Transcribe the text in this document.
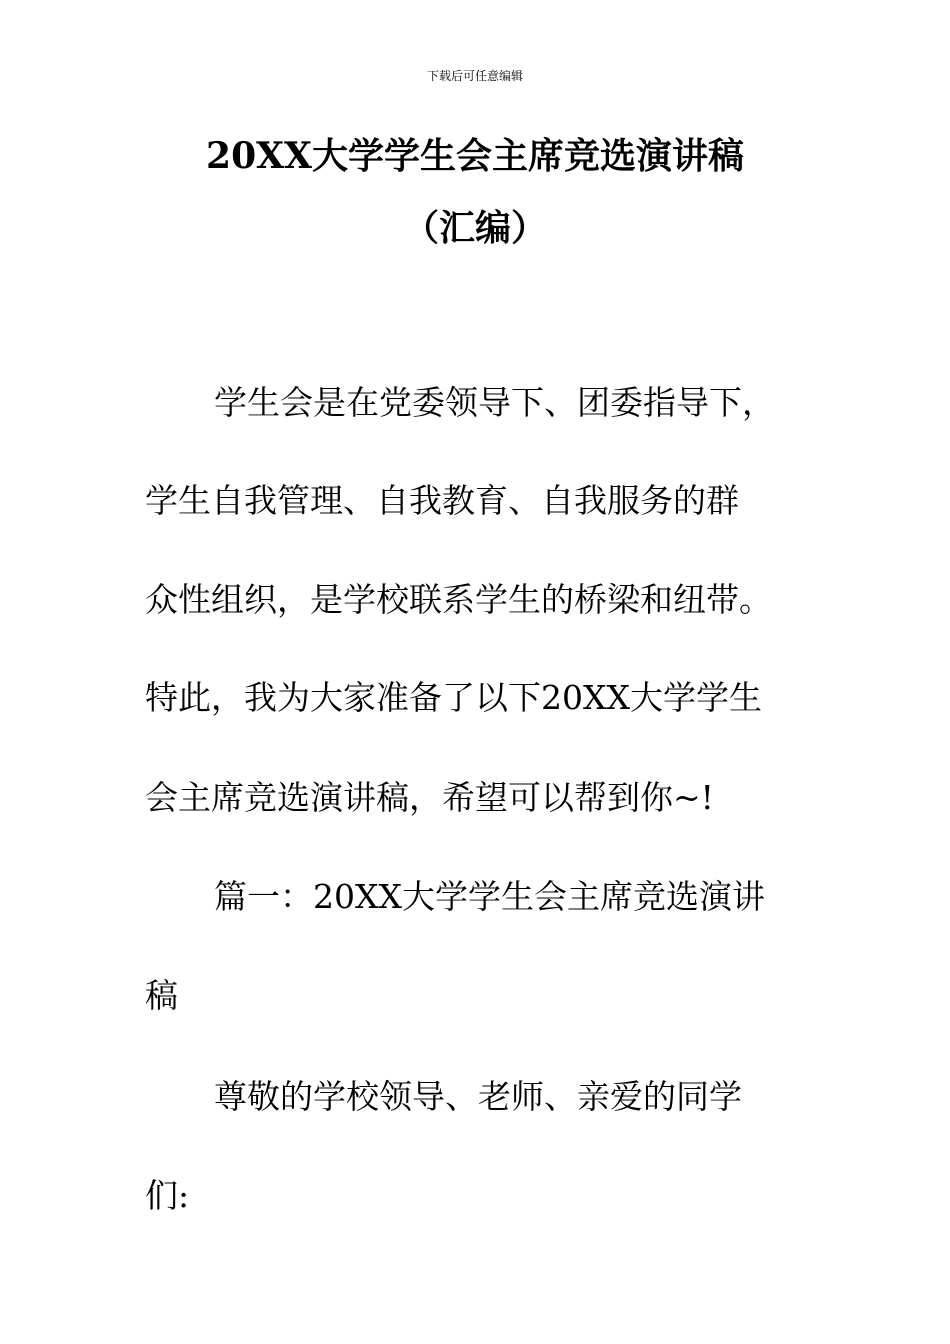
下载后可任意编辑
20XX大学学生会主席竞选演讲稿
（汇编）
学生会是在党委领导下、团委指导下，
学生自我管理、自我教育、自我服务的群
众性组织，是学校联系学生的桥梁和纽带。
特此，我为大家准备了以下20XX大学学生
会主席竞选演讲稿，希望可以帮到你~!
篇一：20XX大学学生会主席竞选演讲
稿
尊敬的学校领导、老师、亲爱的同学
们:
